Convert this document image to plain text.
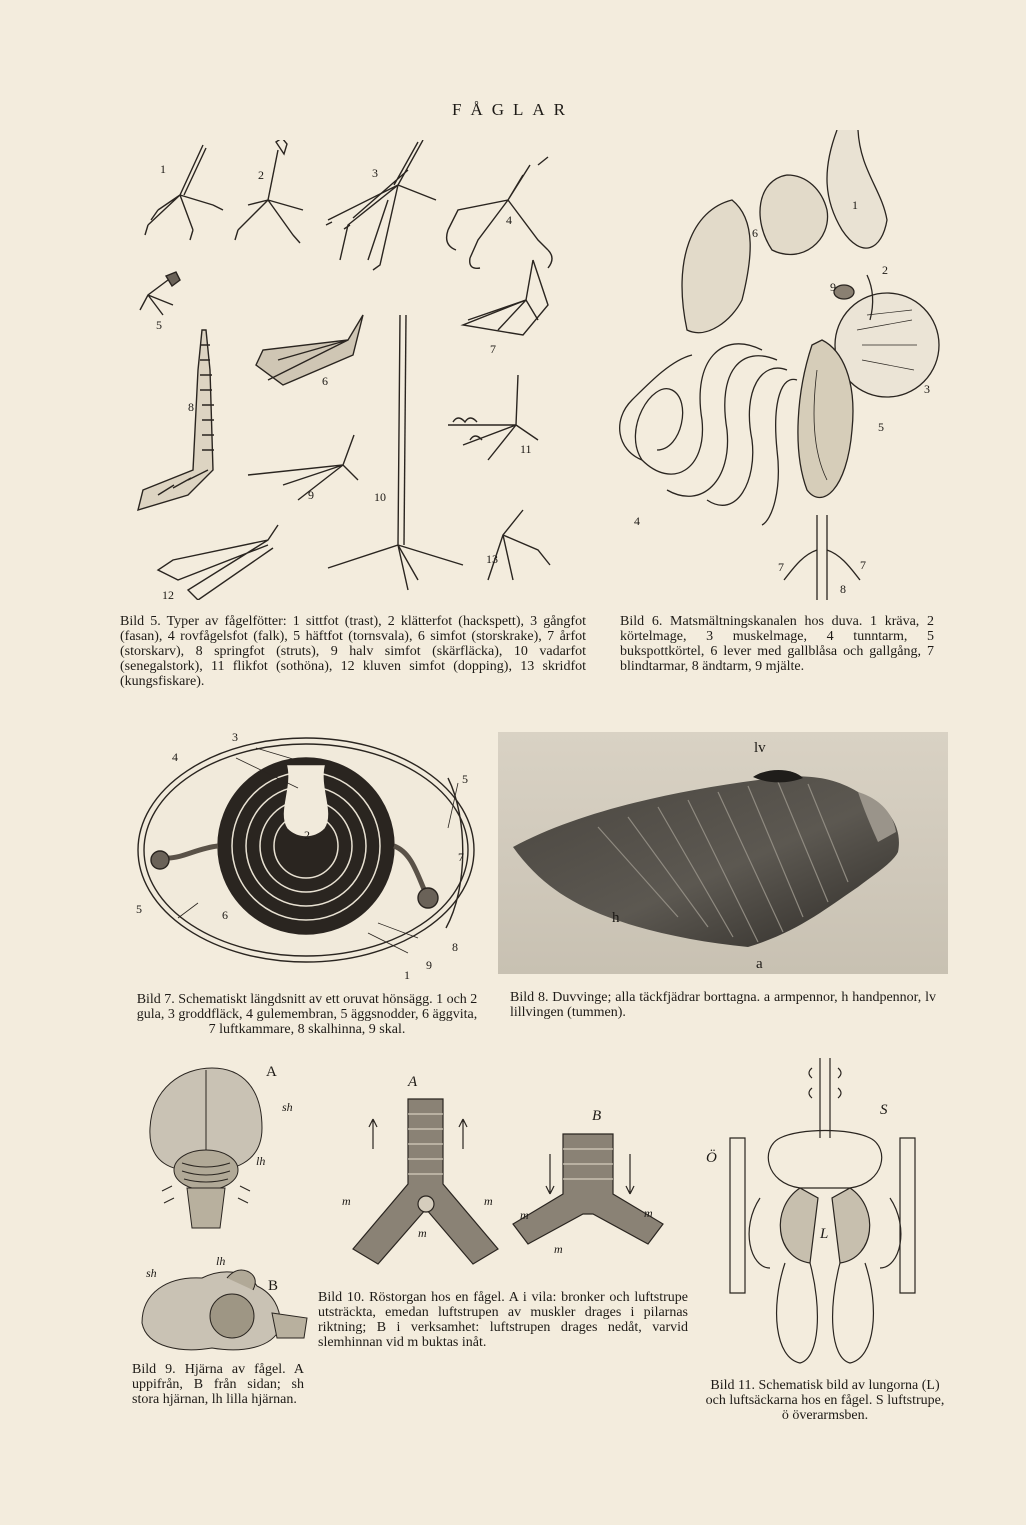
FÅGLAR
1	2	3
4
5
6
7
8
9	10
11
12
13
Bild 5. Typer av fågelfötter: 1 sittfot (trast), 2 klätterfot (hackspett), 3 gångfot (fasan), 4 rovfågelsfot (falk), 5 häftfot (tornsvala), 6 simfot (storskrake), 7 årfot (storskarv), 8 springfot (struts), 9 halv simfot (skärfläcka), 10 vadarfot (senegalstork), 11 flikfot (sothöna), 12 kluven simfot (dopping), 13 skridfot (kungsfiskare).
1
2
3
4
5
6
7	7
8
9
Bild 6. Matsmältningskanalen hos duva. 1 kräva, 2 körtelmage, 3 muskelmage, 4 tunntarm, 5 bukspottkörtel, 6 lever med gallblåsa och gallgång, 7 blindtarmar, 8 ändtarm, 9 mjälte.
1
2
3
4
5
5
6
7
8
9
Bild 7. Schematiskt längdsnitt av ett oruvat hönsägg. 1 och 2 gula, 3 groddfläck, 4 gulemembran, 5 äggsnodder, 6 äggvita, 7 luftkammare, 8 skalhinna, 9 skal.
lv
h
a
Bild 8. Duvvinge; alla täckfjädrar borttagna. a armpennor, h handpennor, lv lillvingen (tummen).
A
sh
lh
sh
lh
B
Bild 9. Hjärna av fågel. A uppifrån, B från sidan; sh stora hjärnan, lh lilla hjärnan.
A
B
m	m
m
m	m
m
Bild 10. Röstorgan hos en fågel. A i vila: bronker och luftstrupe utsträckta, emedan luftstrupen av muskler drages i pilarnas riktning; B i verksamhet: luftstrupen drages nedåt, varvid slemhinnan vid m buktas inåt.
S
Ö
L
Bild 11. Schematisk bild av lungorna (L) och luftsäckarna hos en fågel. S luftstrupe, ö överarmsben.
